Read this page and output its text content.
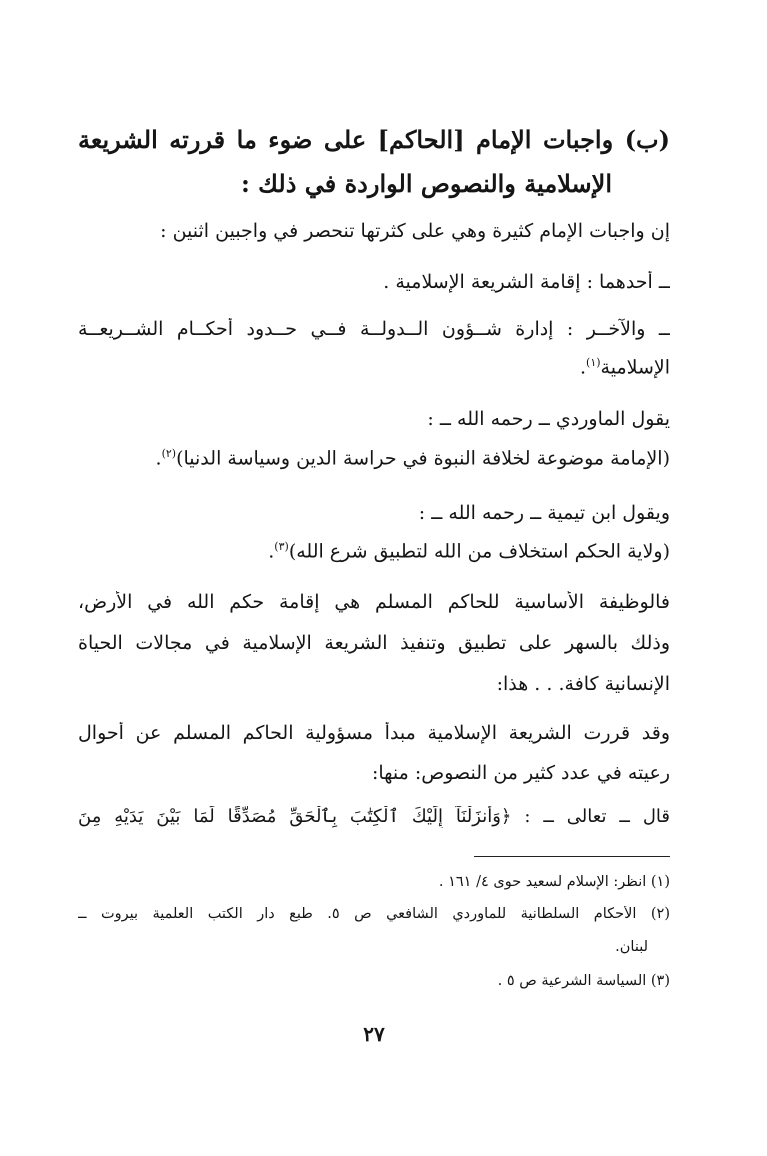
(ب) واجبات الإمام [الحاكم] على ضوء ما قررته الشريعة
الإسلامية والنصوص الواردة في ذلك :
إن واجبات الإمام كثيرة وهي على كثرتها تنحصر في واجبين اثنين :
ــ أحدهما : إقامة الشريعة الإسلامية .
ــ والآخــر : إدارة شــؤون الــدولــة فــي حــدود أحكــام الشــريعــة
الإسلامية$^{(١)}$.
يقول الماوردي ــ رحمه الله ــ :
(الإمامة موضوعة لخلافة النبوة في حراسة الدين وسياسة الدنيا)$^{(٢)}$.
ويقول ابن تيمية ــ رحمه الله ــ :
(ولاية الحكم استخلاف من الله لتطبيق شرع الله)$^{(٣)}$.
فالوظيفة الأساسية للحاكم المسلم هي إقامة حكم الله في الأرض،
وذلك بالسهر على تطبيق وتنفيذ الشريعة الإسلامية في مجالات الحياة
الإنسانية كافة. . . هذا:
وقد قررت الشريعة الإسلامية مبدأ مسؤولية الحاكم المسلم عن أحوال
رعيته في عدد كثير من النصوص: منها:
قال ــ تعالى ــ : ﴿وَأَنزَلْنَآ إِلَيْكَ ٱلْكِتَٰبَ بِٱلْحَقِّ مُصَدِّقًا لِّمَا بَيْنَ يَدَيْهِ مِنَ
(١) انظر: الإسلام لسعيد حوى ٤/ ١٦١ .
(٢) الأحكام السلطانية للماوردي الشافعي ص ٥. طبع دار الكتب العلمية بيروت ــ
لبنان.
(٣) السياسة الشرعية ص ٥ .
٢٧
